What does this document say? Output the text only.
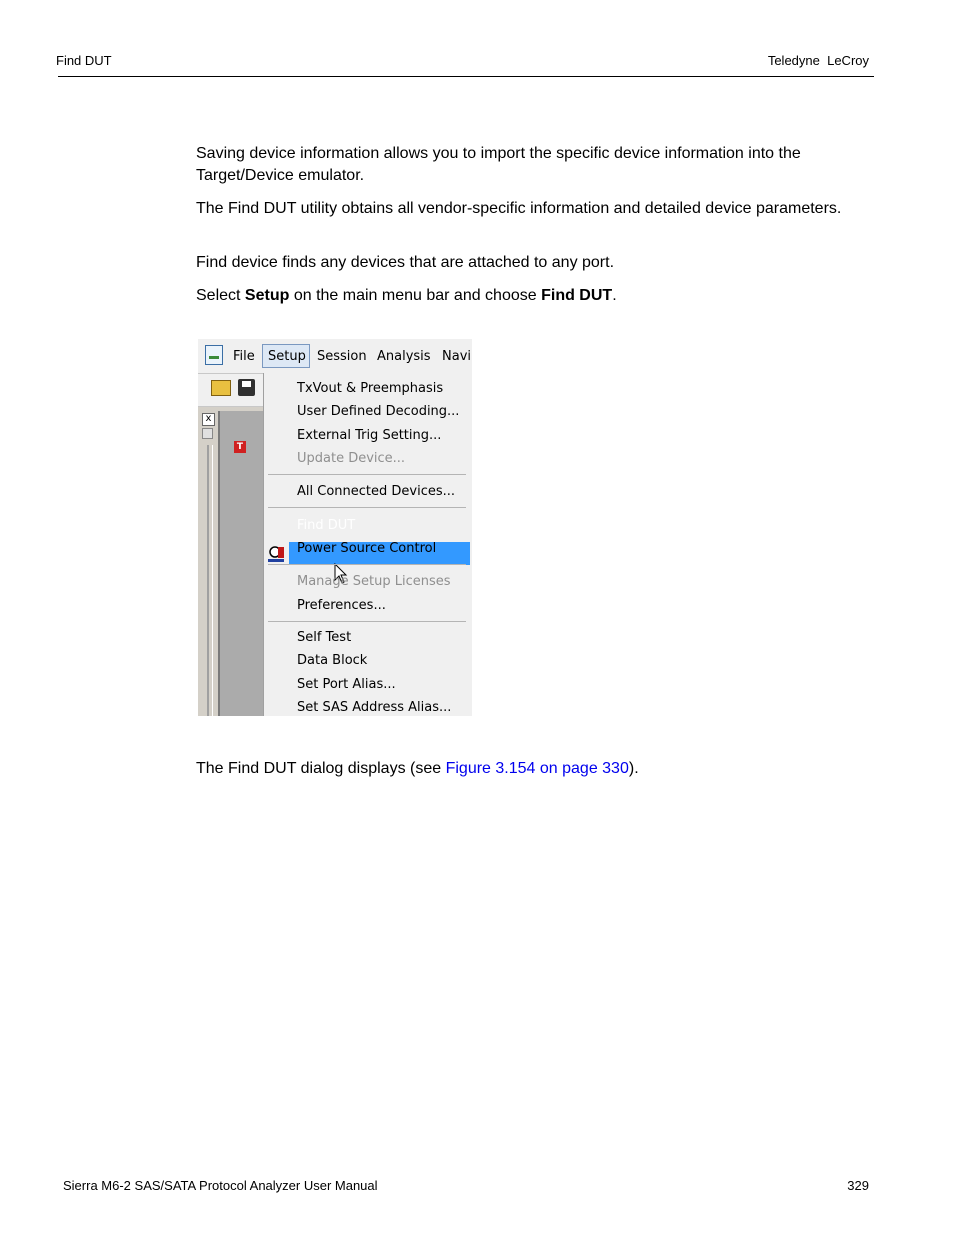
Find DUT	Teledyne  LeCroy
Saving device information allows you to import the specific device information into the Target/Device emulator.
The Find DUT utility obtains all vendor-specific information and detailed device parameters.
Find device finds any devices that are attached to any port.
Select Setup on the main menu bar and choose Find DUT.
File Setup Session Analysis Navi
x
T
TxVout & Preemphasis
User Defined Decoding...
External Trig Setting...
Update Device...
All Connected Devices...
Find DUT
Power Source Control
Manage Setup Licenses
Preferences...
Self Test
Data Block
Set Port Alias...
Set SAS Address Alias...
The Find DUT dialog displays (see Figure 3.154 on page 330).
Sierra M6-2 SAS/SATA Protocol Analyzer User Manual	329
